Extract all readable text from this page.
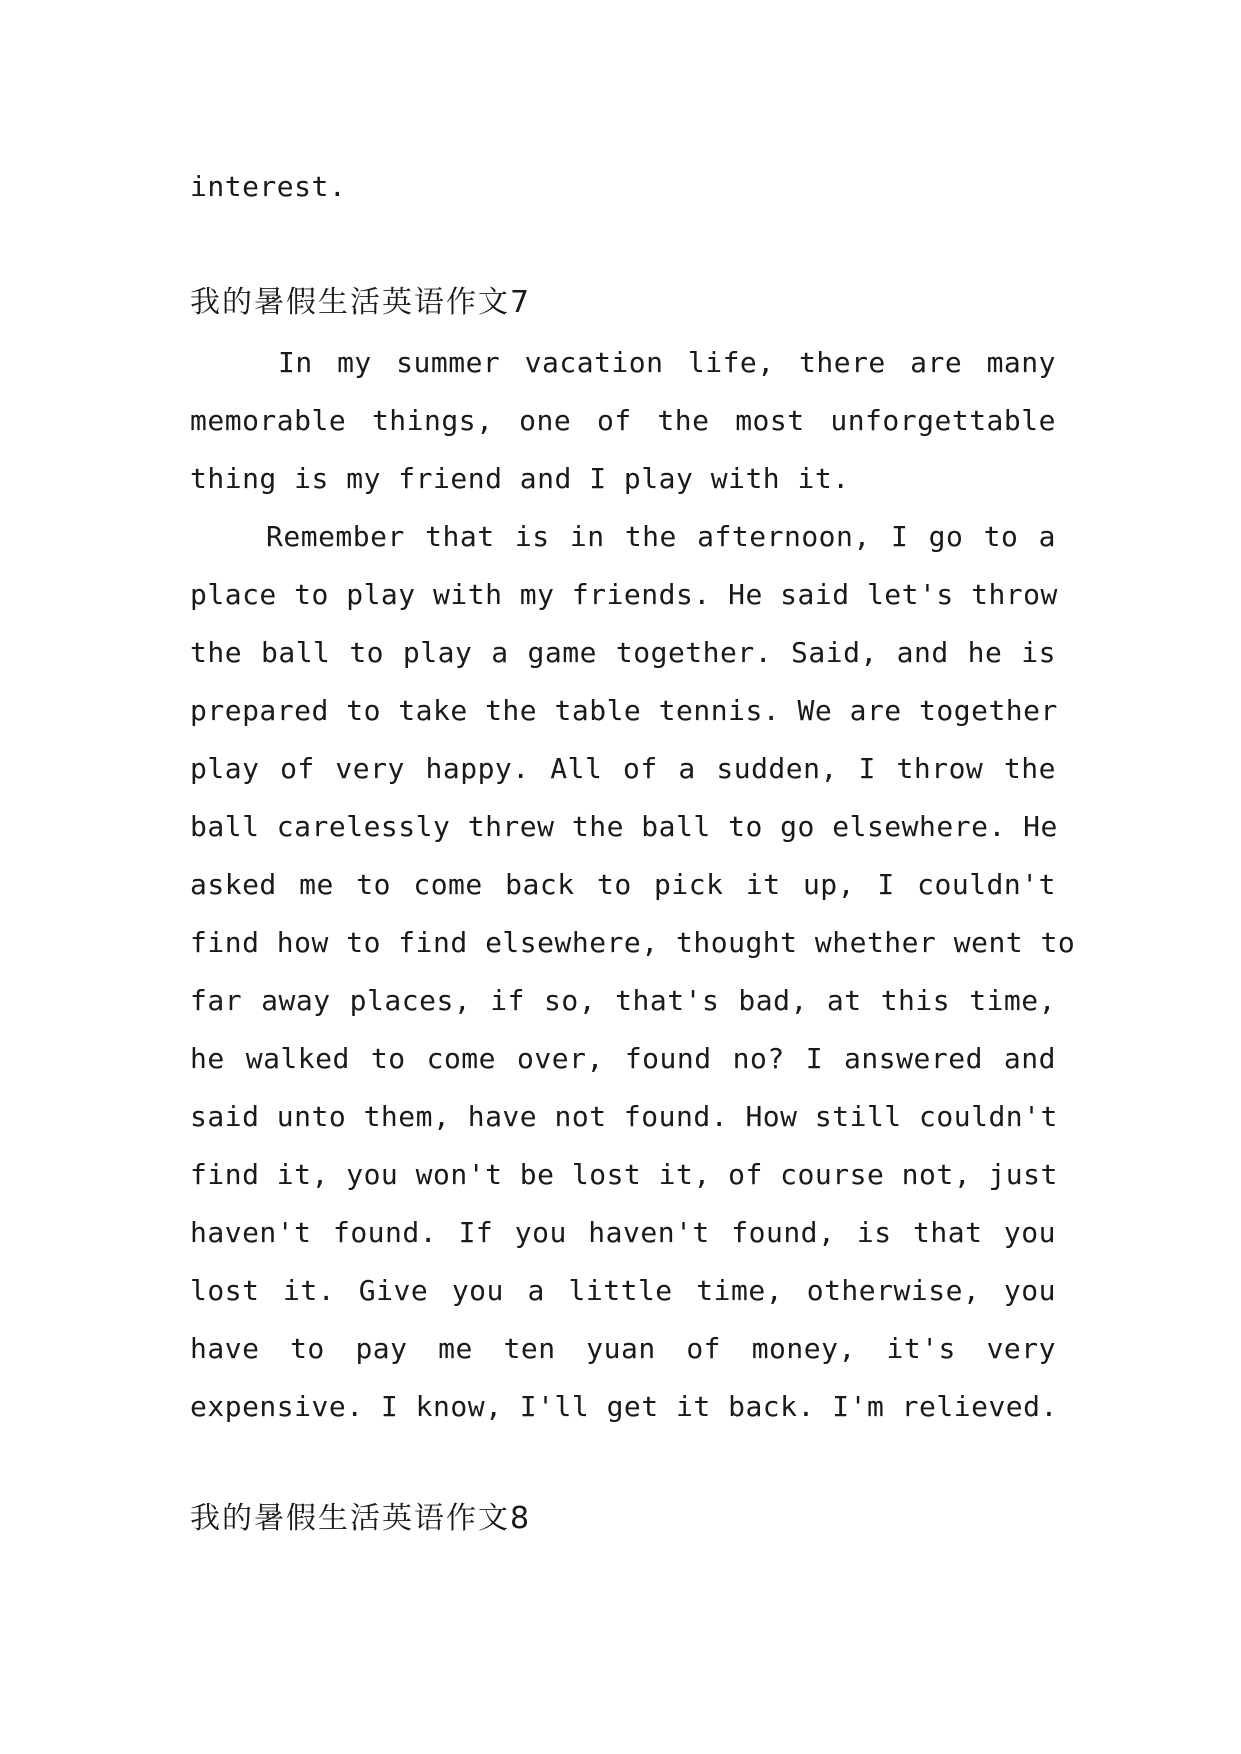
interest.
我的暑假生活英语作文7
In my summer vacation life, there are many
memorable things, one of the most unforgettable
thing is my friend and I play with it.
Remember that is in the afternoon, I go to a
place to play with my friends. He said let's throw
the ball to play a game together. Said, and he is
prepared to take the table tennis. We are together
play of very happy. All of a sudden, I throw the
ball carelessly threw the ball to go elsewhere. He
asked me to come back to pick it up, I couldn't
find how to find elsewhere, thought whether went to
far away places, if so, that's bad, at this time,
he walked to come over, found no? I answered and
said unto them, have not found. How still couldn't
find it, you won't be lost it, of course not, just
haven't found. If you haven't found, is that you
lost it. Give you a little time, otherwise, you
have to pay me ten yuan of money, it's very
expensive. I know, I'll get it back. I'm relieved.
我的暑假生活英语作文8
